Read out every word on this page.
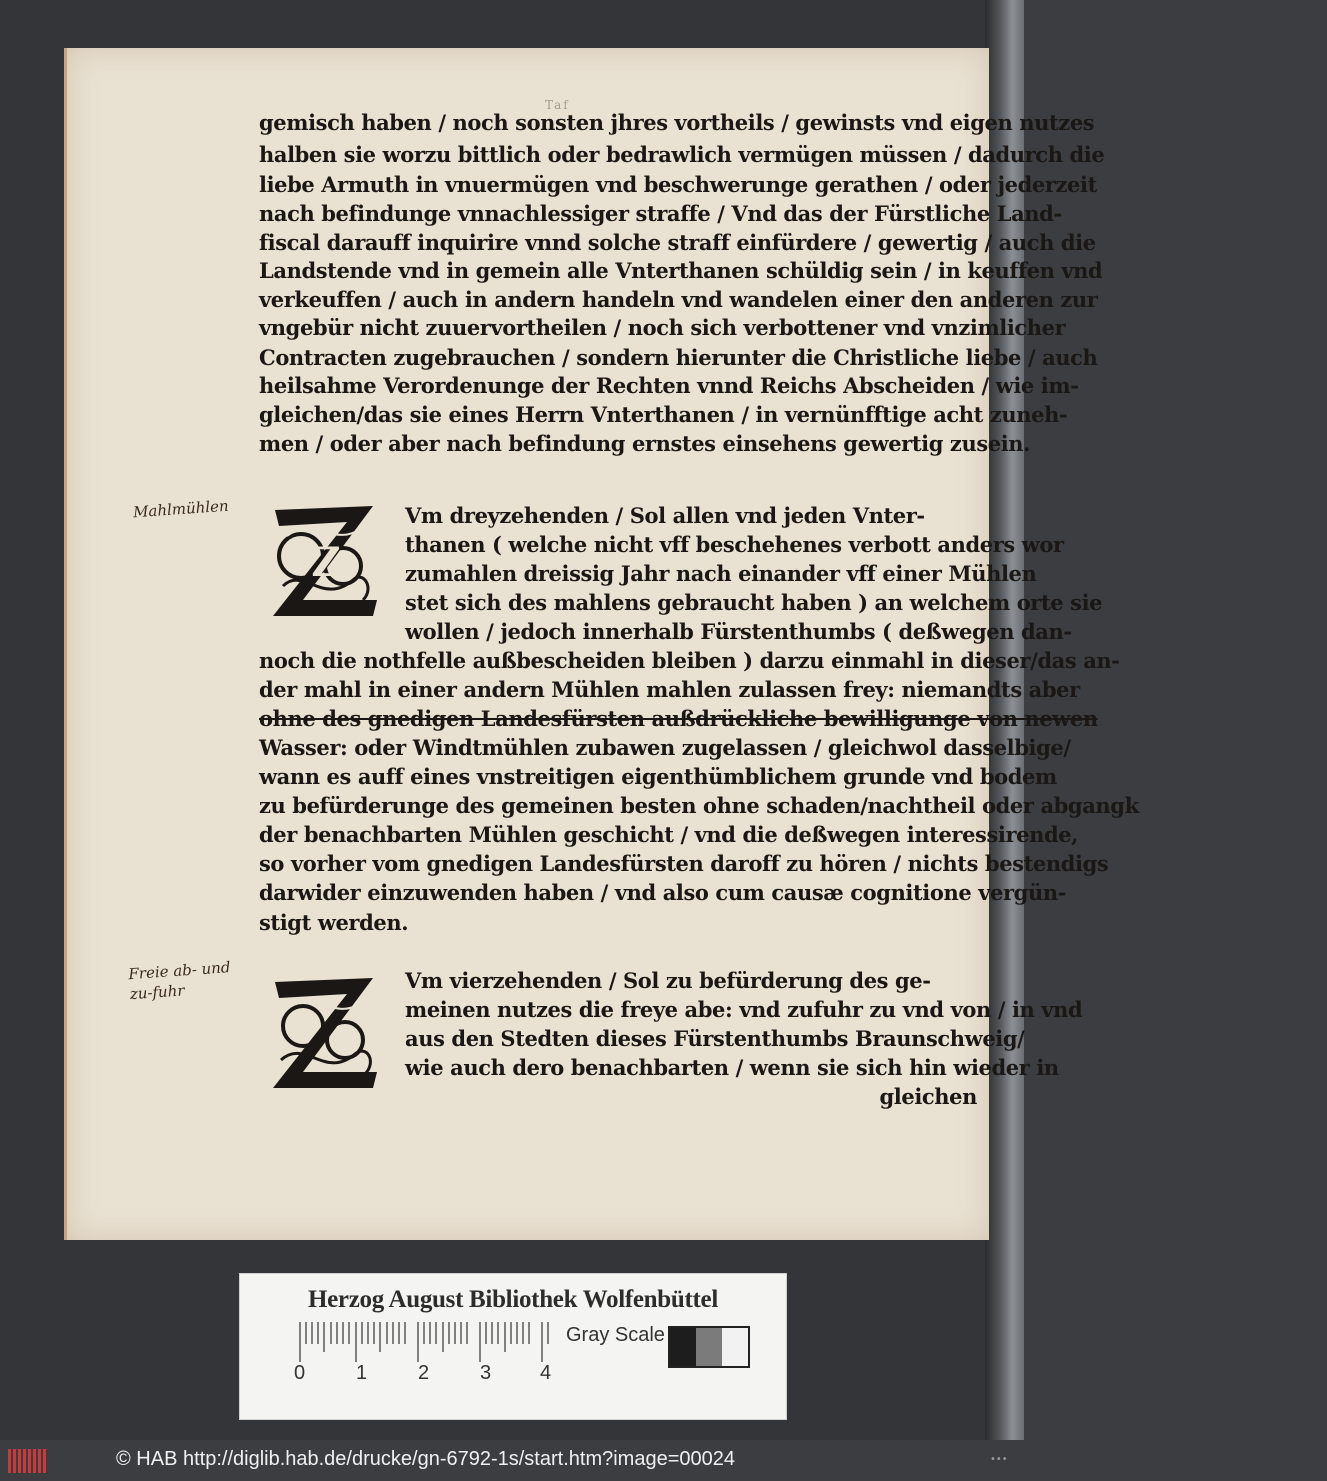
Taf

gemisch haben / noch sonsten jhres vortheils / gewinsts vnd eigen nutzes

halben sie worzu bittlich oder bedrawlich vermügen müssen / dadurch die

liebe Armuth in vnuermügen vnd beschwerunge gerathen / oder jederzeit

nach befindunge vnnachlessiger straffe / Vnd das der Fürstliche Land-

fiscal darauff inquirire vnnd solche straff einfürdere / gewertig / auch die

Landstende vnd in gemein alle Vnterthanen schüldig sein / in keuffen vnd

verkeuffen / auch in andern handeln vnd wandelen einer den anderen zur

vngebür nicht zuuervortheilen / noch sich verbottener vnd vnzimlicher

Contracten zugebrauchen / sondern hierunter die Christliche liebe / auch

heilsahme Verordenunge der Rechten vnnd Reichs Abscheiden / wie im-

gleichen/das sie eines Herrn Vnterthanen / in vernünfftige acht zuneh-

men / oder aber nach befindung ernstes einsehens gewertig zusein.

Mahlmühlen
Z

Vm dreyzehenden / Sol allen vnd jeden Vnter-

thanen ( welche nicht vff beschehenes verbott anders wor

zumahlen dreissig Jahr nach einander vff einer Mühlen

stet sich des mahlens gebraucht haben ) an welchem orte sie

wollen / jedoch innerhalb Fürstenthumbs ( deßwegen dan-

noch die nothfelle außbescheiden bleiben ) darzu einmahl in dieser/das an-

der mahl in einer andern Mühlen mahlen zulassen frey: niemandts aber

ohne des gnedigen Landesfürsten außdrückliche bewilligunge von newen

Wasser: oder Windtmühlen zubawen zugelassen / gleichwol dasselbige/

wann es auff eines vnstreitigen eigenthümblichem grunde vnd bodem

zu befürderunge des gemeinen besten ohne schaden/nachtheil oder abgangk

der benachbarten Mühlen geschicht / vnd die deßwegen interessirende,

so vorher vom gnedigen Landesfürsten daroff zu hören / nichts bestendigs

darwider einzuwenden haben / vnd also cum causæ cognitione vergün-

stigt werden.

Freie ab- und zu-fuhr	Vm vierzehenden / Sol zu befürderung des ge-

meinen nutzes die freye abe: vnd zufuhr zu vnd von / in vnd

aus den Stedten dieses Fürstenthumbs Braunschweig/

wie auch dero benachbarten / wenn sie sich hin wieder in

gleichen

Herzog August Bibliothek Wolfenbüttel
0	1	2	3 4
Gray Scale
© HAB http://diglib.hab.de/drucke/gn-6792-1s/start.htm?image=00024	•••
